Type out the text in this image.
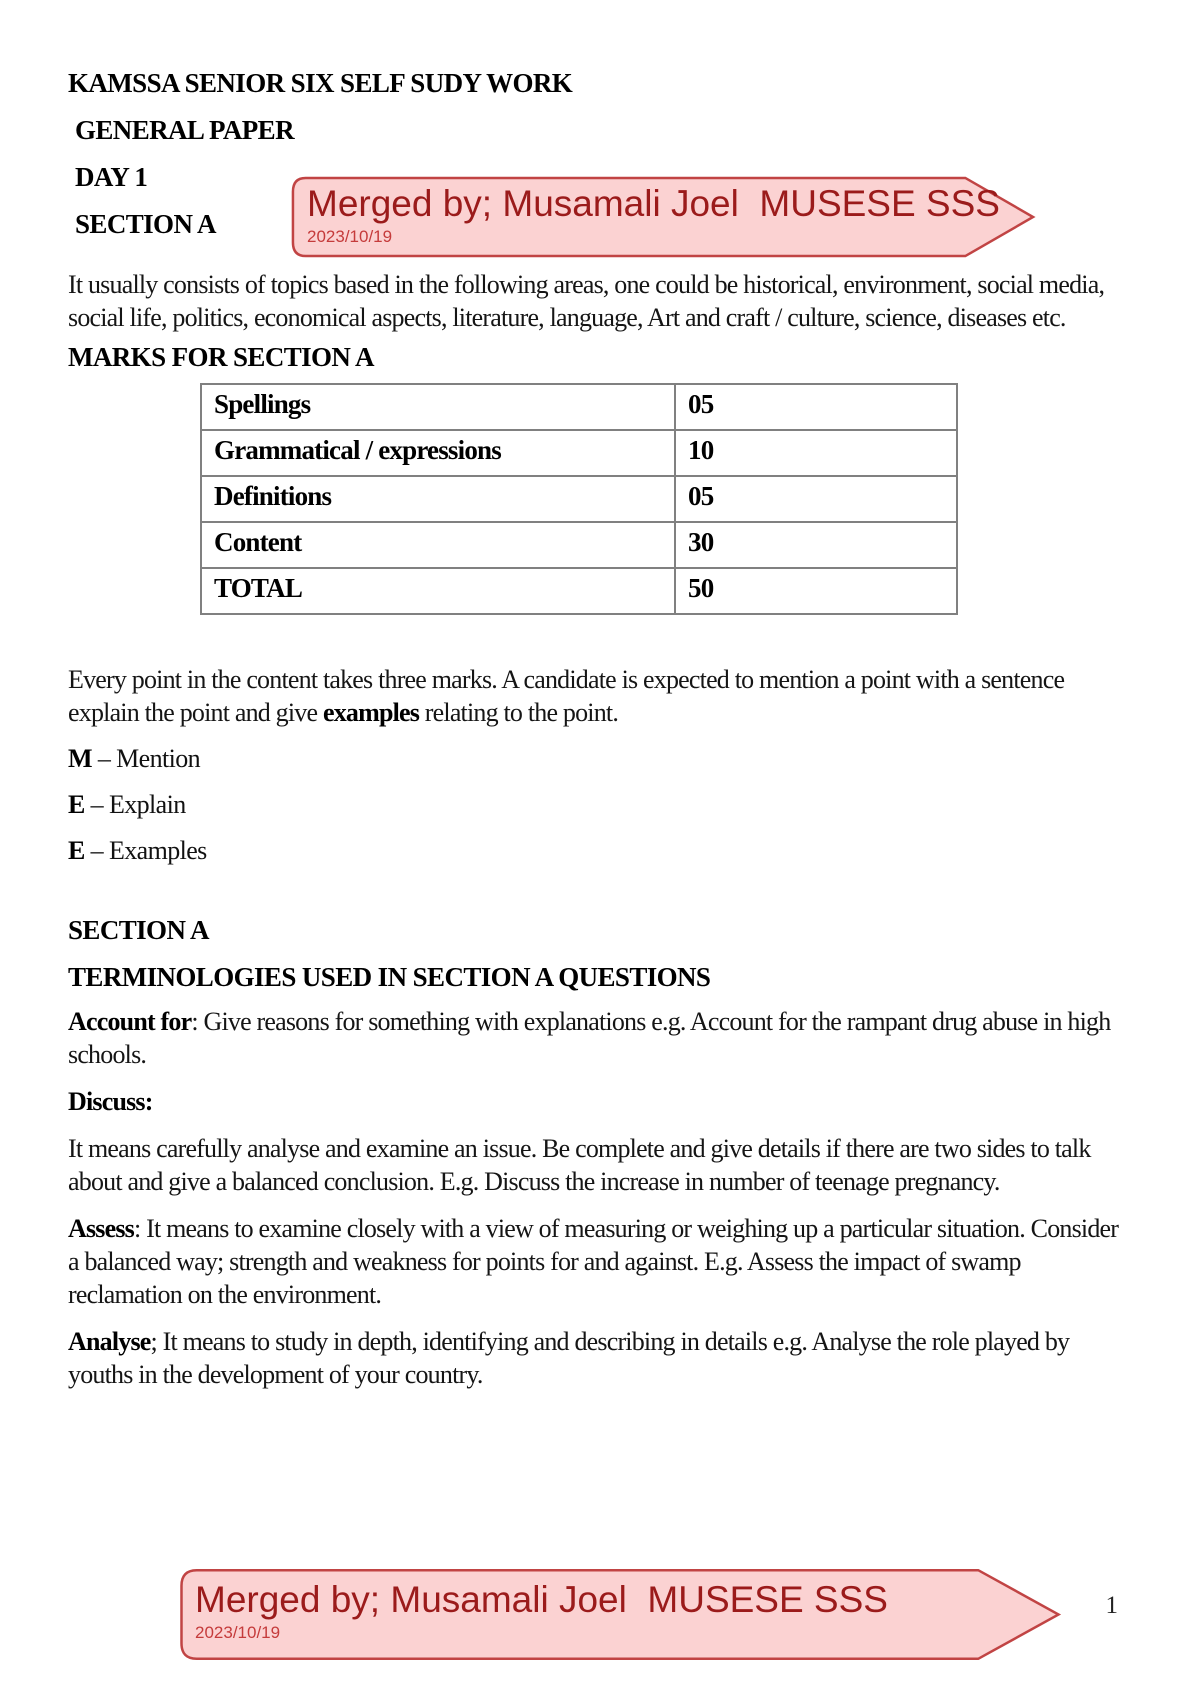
KAMSSA SENIOR SIX SELF SUDY WORK
GENERAL PAPER
DAY 1
SECTION A

It usually consists of topics based in the following areas, one could be historical, environment, social media, social life, politics, economical aspects, literature, language, Art and craft / culture, science, diseases etc.

MARKS FOR SECTION A
Spellings	05
Grammatical / expressions	10
Definitions	05
Content	30
TOTAL	50

Every point in the content takes three marks. A candidate is expected to mention a point with a sentence explain the point and give examples relating to the point.

M – Mention

E – Explain

E – Examples

SECTION A
TERMINOLOGIES USED IN SECTION A QUESTIONS

Account for: Give reasons for something with explanations e.g. Account for the rampant drug abuse in high schools.

Discuss:

It means carefully analyse and examine an issue. Be complete and give details if there are two sides to talk about and give a balanced conclusion. E.g. Discuss the increase in number of teenage pregnancy.

Assess: It means to examine closely with a view of measuring or weighing up a particular situation. Consider a balanced way; strength and weakness for points for and against. E.g. Assess the impact of swamp reclamation on the environment.

Analyse; It means to study in depth, identifying and describing in details e.g. Analyse the role played by youths in the development of your country.

Merged by; Musamali Joel  MUSESE SSS
2023/10/19
Merged by; Musamali Joel  MUSESE SSS
2023/10/19
1
